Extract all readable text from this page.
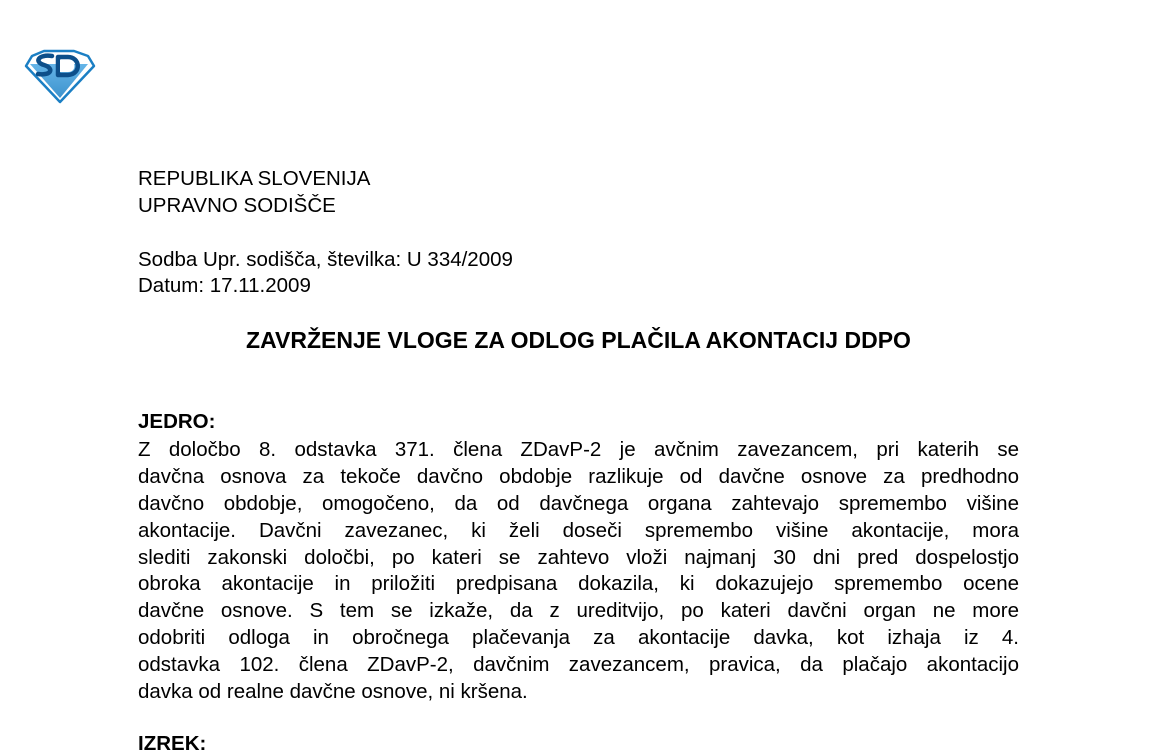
REPUBLIKA SLOVENIJA
UPRAVNO SODIŠČE
Sodba Upr. sodišča, številka: U 334/2009
Datum: 17.11.2009
ZAVRŽENJE VLOGE ZA ODLOG PLAČILA AKONTACIJ DDPO
JEDRO:
Z določbo 8. odstavka 371. člena ZDavP-2 je avčnim zavezancem, pri katerih se
davčna osnova za tekoče davčno obdobje razlikuje od davčne osnove za predhodno
davčno obdobje, omogočeno, da od davčnega organa zahtevajo spremembo višine
akontacije. Davčni zavezanec, ki želi doseči spremembo višine akontacije, mora
slediti zakonski določbi, po kateri se zahtevo vloži najmanj 30 dni pred dospelostjo
obroka akontacije in priložiti predpisana dokazila, ki dokazujejo spremembo ocene
davčne osnove. S tem se izkaže, da z ureditvijo, po kateri davčni organ ne more
odobriti odloga in obročnega plačevanja za akontacije davka, kot izhaja iz 4.
odstavka 102. člena ZDavP-2, davčnim zavezancem, pravica, da plačajo akontacijo
davka od realne davčne osnove, ni kršena.
IZREK:
